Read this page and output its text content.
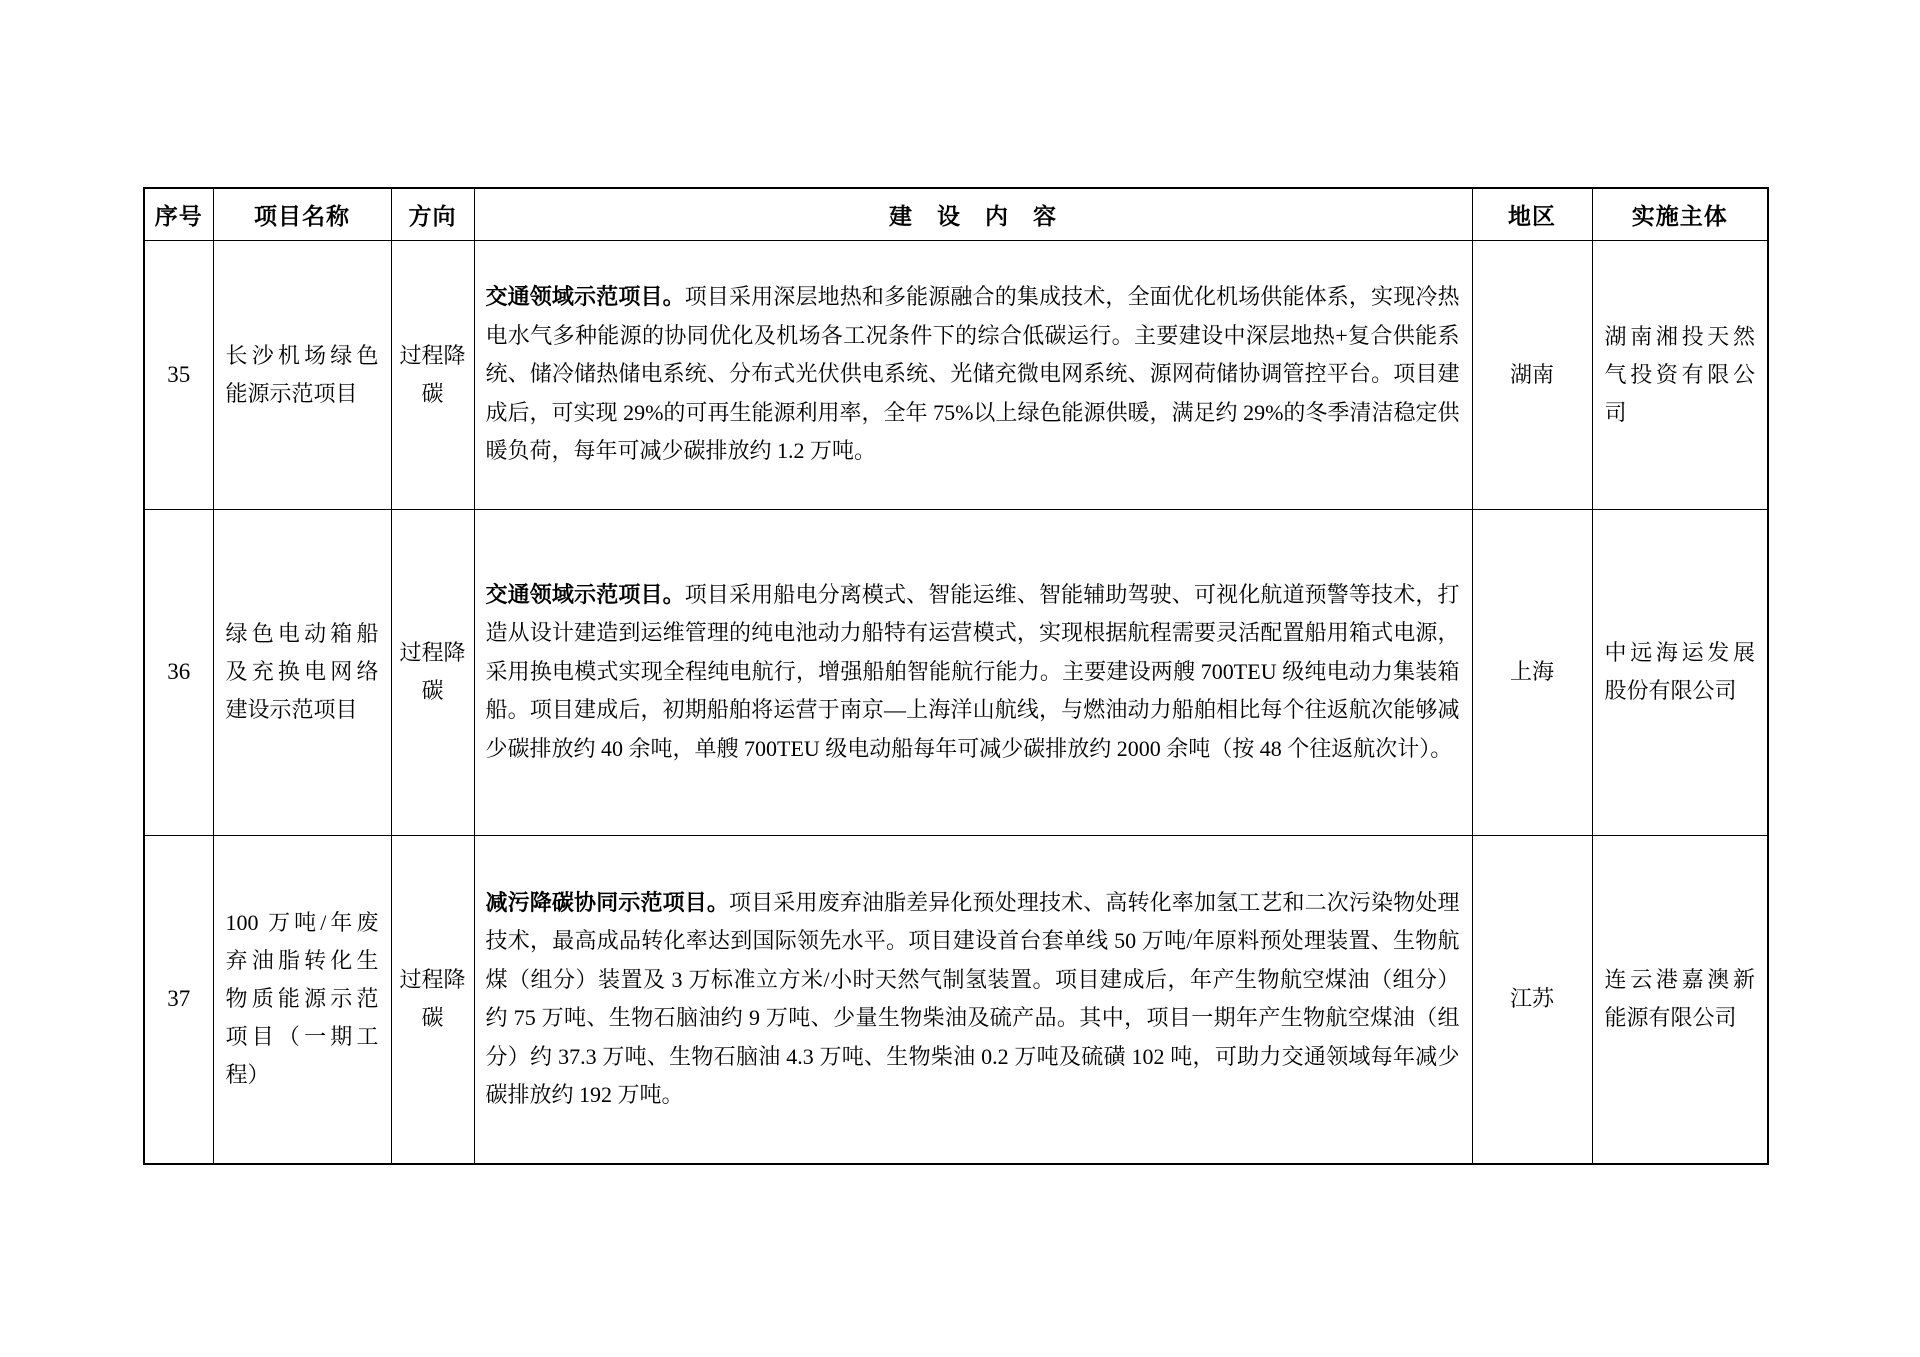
序号	项目名称	方向	建　设　内　容	地区	实施主体
35	长沙机场绿色能源示范项目	过程降碳	交通领域示范项目。项目采用深层地热和多能源融合的集成技术，全面优化机场供能体系，实现冷热电水气多种能源的协同优化及机场各工况条件下的综合低碳运行。主要建设中深层地热+复合供能系统、储冷储热储电系统、分布式光伏供电系统、光储充微电网系统、源网荷储协调管控平台。项目建成后，可实现 29%的可再生能源利用率，全年 75%以上绿色能源供暖，满足约 29%的冬季清洁稳定供暖负荷，每年可减少碳排放约 1.2 万吨。	湖南	湖南湘投天然气投资有限公司
36	绿色电动箱船及充换电网络建设示范项目	过程降碳	交通领域示范项目。项目采用船电分离模式、智能运维、智能辅助驾驶、可视化航道预警等技术，打造从设计建造到运维管理的纯电池动力船特有运营模式，实现根据航程需要灵活配置船用箱式电源，采用换电模式实现全程纯电航行，增强船舶智能航行能力。主要建设两艘 700TEU 级纯电动力集装箱船。项目建成后，初期船舶将运营于南京—上海洋山航线，与燃油动力船舶相比每个往返航次能够减少碳排放约 40 余吨，单艘 700TEU 级电动船每年可减少碳排放约 2000 余吨（按 48 个往返航次计）。	上海	中远海运发展股份有限公司
37	100 万吨/年废弃油脂转化生物质能源示范项目（一期工程）	过程降碳	减污降碳协同示范项目。项目采用废弃油脂差异化预处理技术、高转化率加氢工艺和二次污染物处理技术，最高成品转化率达到国际领先水平。项目建设首台套单线 50 万吨/年原料预处理装置、生物航煤（组分）装置及 3 万标准立方米/小时天然气制氢装置。项目建成后，年产生物航空煤油（组分）约 75 万吨、生物石脑油约 9 万吨、少量生物柴油及硫产品。其中，项目一期年产生物航空煤油（组分）约 37.3 万吨、生物石脑油 4.3 万吨、生物柴油 0.2 万吨及硫磺 102 吨，可助力交通领域每年减少碳排放约 192 万吨。	江苏	连云港嘉澳新能源有限公司
